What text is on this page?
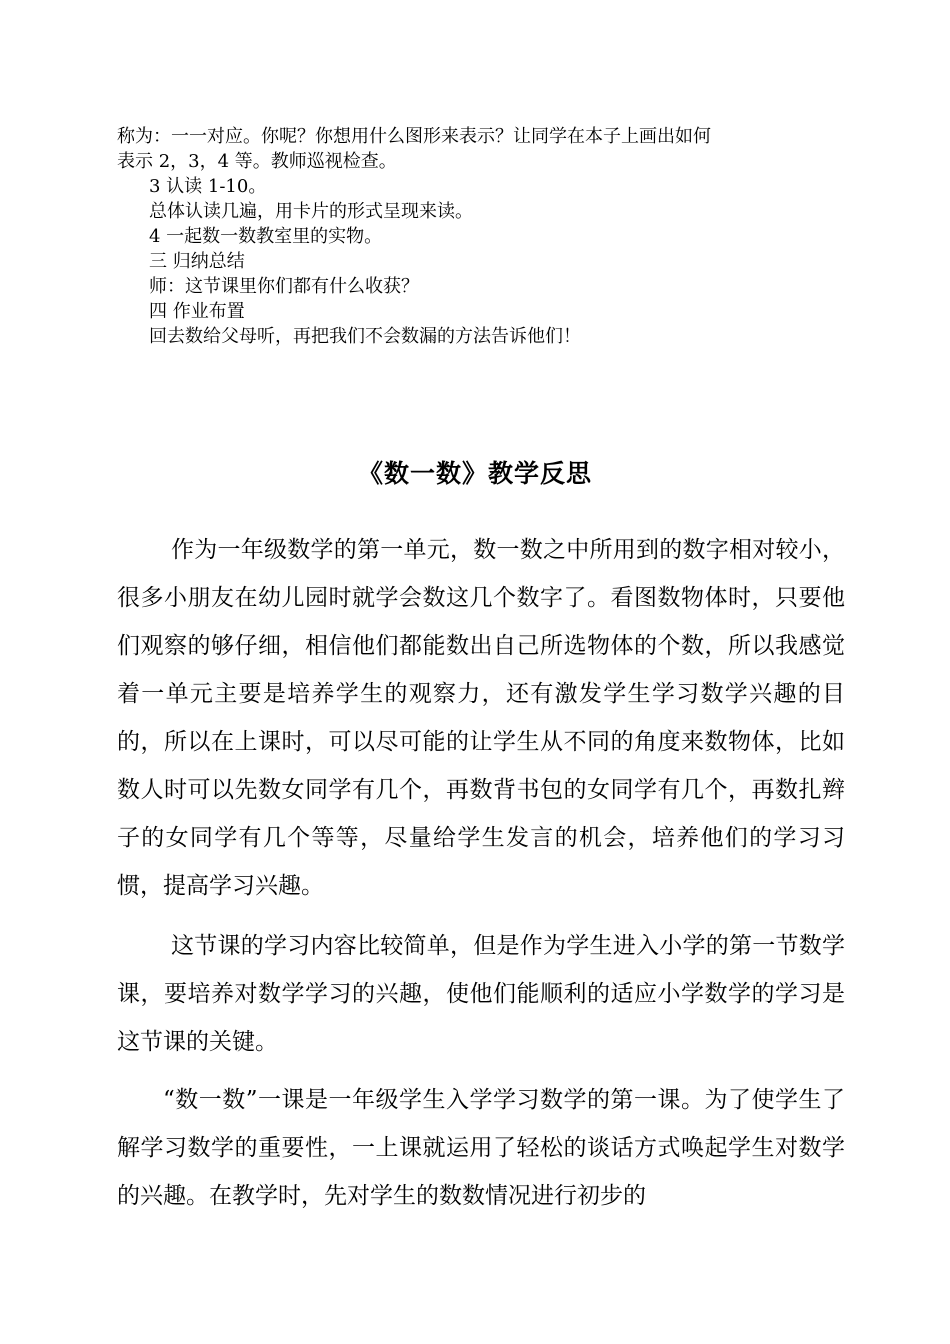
称为：一一对应。你呢？你想用什么图形来表示？让同学在本子上画出如何
表示 2，3，4 等。教师巡视检查。
3 认读 1-10。
总体认读几遍，用卡片的形式呈现来读。
4 一起数一数教室里的实物。
三 归纳总结
师：这节课里你们都有什么收获？
四 作业布置
回去数给父母听，再把我们不会数漏的方法告诉他们！
《数一数》教学反思

作为一年级数学的第一单元，数一数之中所用到的数字相对较小，很多小朋友在幼儿园时就学会数这几个数字了。看图数物体时，只要他们观察的够仔细，相信他们都能数出自己所选物体的个数，所以我感觉着一单元主要是培养学生的观察力，还有激发学生学习数学兴趣的目的，所以在上课时，可以尽可能的让学生从不同的角度来数物体，比如数人时可以先数女同学有几个，再数背书包的女同学有几个，再数扎辫子的女同学有几个等等，尽量给学生发言的机会，培养他们的学习习惯，提高学习兴趣。

这节课的学习内容比较简单，但是作为学生进入小学的第一节数学课，要培养对数学学习的兴趣，使他们能顺利的适应小学数学的学习是这节课的关键。

“数一数”一课是一年级学生入学学习数学的第一课。为了使学生了解学习数学的重要性，一上课就运用了轻松的谈话方式唤起学生对数学的兴趣。在教学时，先对学生的数数情况进行初步的
